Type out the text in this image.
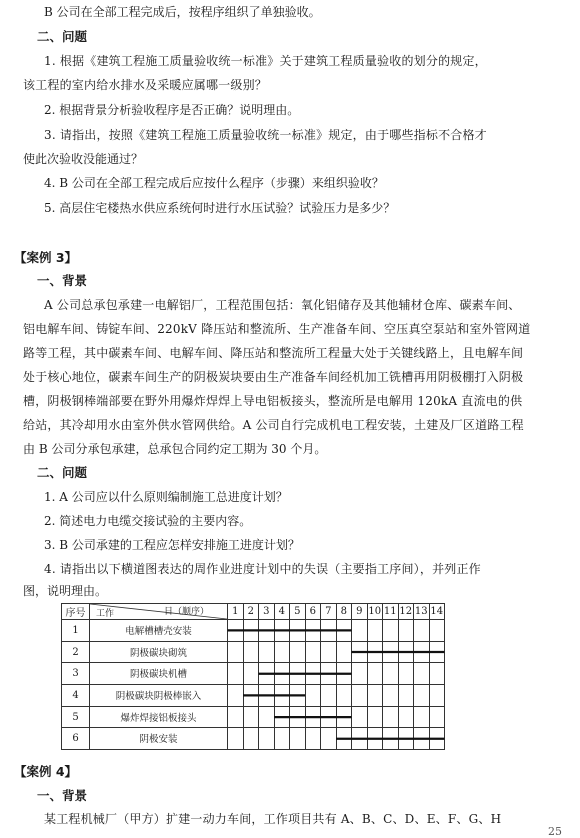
B 公司在全部工程完成后，按程序组织了单独验收。
二、问题
1. 根据《建筑工程施工质量验收统一标准》关于建筑工程质量验收的划分的规定，
该工程的室内给水排水及采暖应属哪一级别？
2. 根据背景分析验收程序是否正确？说明理由。
3. 请指出，按照《建筑工程施工质量验收统一标准》规定，由于哪些指标不合格才
使此次验收没能通过？
4. B 公司在全部工程完成后应按什么程序（步骤）来组织验收？
5. 高层住宅楼热水供应系统何时进行水压试验？试验压力是多少？
【案例 3】
一、背景
A 公司总承包承建一电解铝厂，工程范围包括：氧化铝储存及其他辅材仓库、碳素车间、
铝电解车间、铸锭车间、220kV 降压站和整流所、生产准备车间、空压真空泵站和室外管网道
路等工程，其中碳素车间、电解车间、降压站和整流所工程量大处于关键线路上，且电解车间
处于核心地位，碳素车间生产的阴极炭块要由生产准备车间经机加工铣槽再用阴极棚打入阴极
槽，阴极钢棒端部要在野外用爆炸焊焊上导电铝板接头，整流所是电解用 120kA 直流电的供
给站，其冷却用水由室外供水管网供给。A 公司自行完成机电工程安装，土建及厂区道路工程
由 B 公司分承包承建，总承包合同约定工期为 30 个月。
二、问题
1. A 公司应以什么原则编制施工总进度计划？
2. 简述电力电缆交接试验的主要内容。
3. B 公司承建的工程应怎样安排施工进度计划？
4. 请指出以下横道图表达的周作业进度计划中的失误（主要指工序间），并列正作
图，说明理由。
序号	日（顺序）
工作	1	2	3	4	5	6	7	8	9	10	11	12	13	14
1	电解槽槽壳安装														

2	阴极碳块砌筑														

3	阴极碳块机槽														

4	阴极碳块阴极棒嵌入														

5	爆炸焊接铝板接头														

6	阴极安装														

【案例 4】
一、背景
某工程机械厂（甲方）扩建一动力车间，工作项目共有 A、B、C、D、E、F、G、H
25
